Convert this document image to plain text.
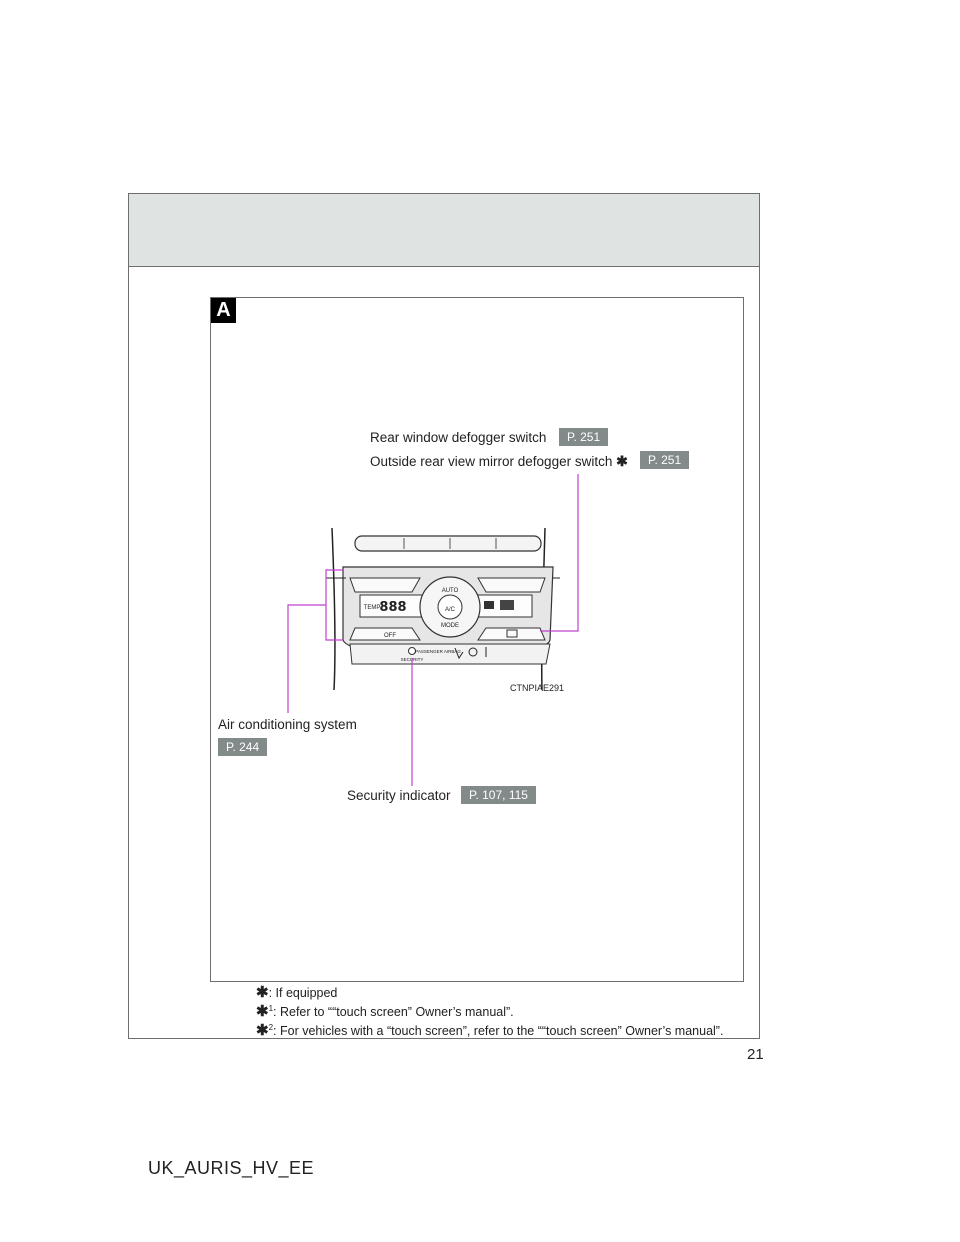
A
888
TEMP	A/C
AUTO
MODE
OFF
SECURITY
PASSENGER AIRBAG
CTNPIAE291
Rear window defogger switch	P. 251
Outside rear view mirror defogger switch ✱	P. 251
Air conditioning system
P. 244
Security indicator	P. 107, 115
✱: If equipped
✱$^1$: Refer to ““touch screen” Owner’s manual”.
✱$^2$: For vehicles with a “touch screen”, refer to the ““touch screen” Owner’s manual”.
21
UK_AURIS_HV_EE
